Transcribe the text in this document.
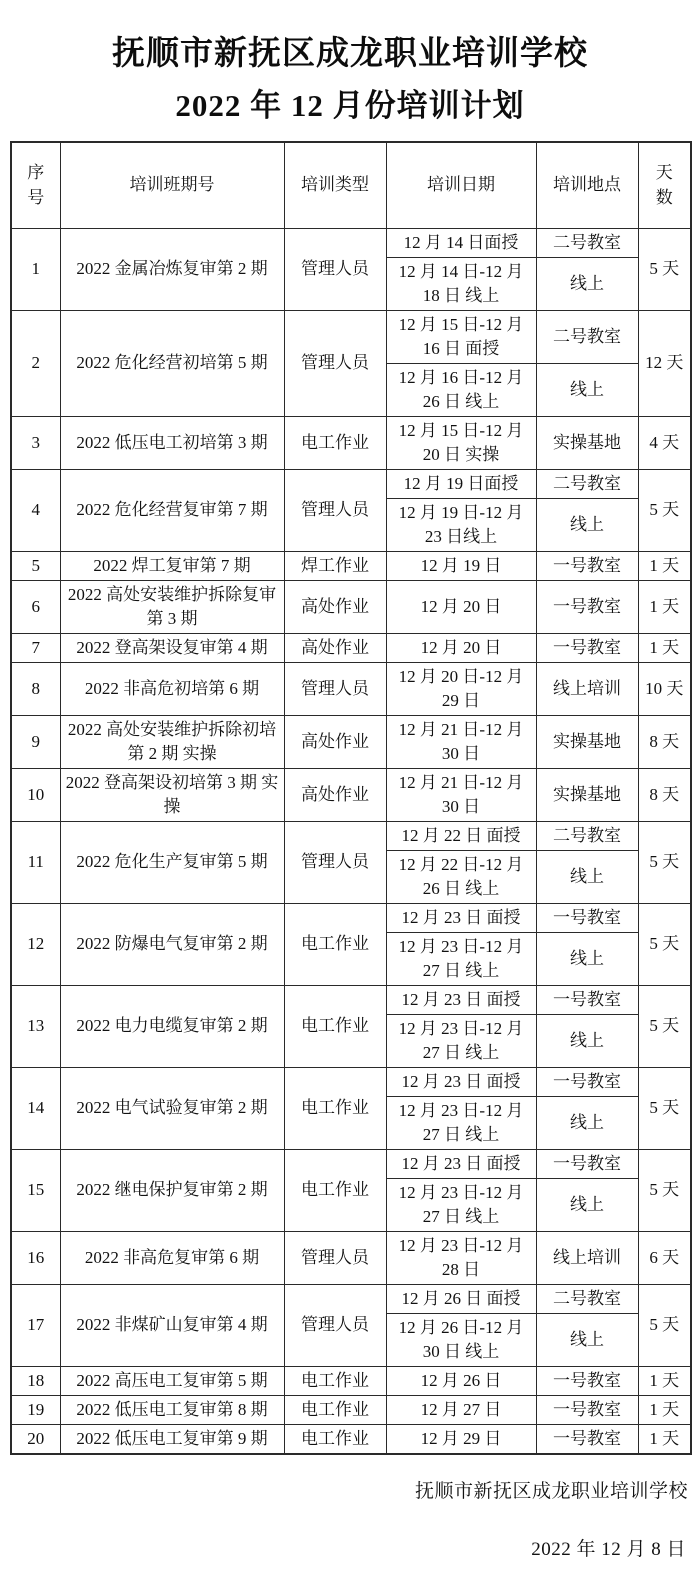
抚顺市新抚区成龙职业培训学校
2022 年 12 月份培训计划
序号	培训班期号	培训类型	培训日期	培训地点	天数
1	2022 金属冶炼复审第 2 期	管理人员	12 月 14 日面授	二号教室	5 天
			12 月 14 日-12 月 18 日 线上	线上	
2	2022 危化经营初培第 5 期	管理人员	12 月 15 日-12 月 16 日 面授	二号教室	12 天
			12 月 16 日-12 月 26 日 线上	线上	
3	2022 低压电工初培第 3 期	电工作业	12 月 15 日-12 月 20 日 实操	实操基地	4 天
4	2022 危化经营复审第 7 期	管理人员	12 月 19 日面授	二号教室	5 天
			12 月 19 日-12 月 23 日线上	线上	
5	2022 焊工复审第 7 期	焊工作业	12 月 19 日	一号教室	1 天
6	2022 高处安装维护拆除复审第 3 期	高处作业	12 月 20 日	一号教室	1 天
7	2022 登高架设复审第 4 期	高处作业	12 月 20 日	一号教室	1 天
8	2022 非高危初培第 6 期	管理人员	12 月 20 日-12 月 29 日	线上培训	10 天
9	2022 高处安装维护拆除初培第 2 期 实操	高处作业	12 月 21 日-12 月 30 日	实操基地	8 天
10	2022 登高架设初培第 3 期 实操	高处作业	12 月 21 日-12 月 30 日	实操基地	8 天
11	2022 危化生产复审第 5 期	管理人员	12 月 22 日 面授	二号教室	5 天
			12 月 22 日-12 月 26 日 线上	线上	
12	2022 防爆电气复审第 2 期	电工作业	12 月 23 日 面授	一号教室	5 天
			12 月 23 日-12 月 27 日 线上	线上	
13	2022 电力电缆复审第 2 期	电工作业	12 月 23 日 面授	一号教室	5 天
			12 月 23 日-12 月 27 日 线上	线上	
14	2022 电气试验复审第 2 期	电工作业	12 月 23 日 面授	一号教室	5 天
			12 月 23 日-12 月 27 日 线上	线上	
15	2022 继电保护复审第 2 期	电工作业	12 月 23 日 面授	一号教室	5 天
			12 月 23 日-12 月 27 日 线上	线上	
16	2022 非高危复审第 6 期	管理人员	12 月 23 日-12 月 28 日	线上培训	6 天
17	2022 非煤矿山复审第 4 期	管理人员	12 月 26 日 面授	二号教室	5 天
			12 月 26 日-12 月 30 日 线上	线上	
18	2022 高压电工复审第 5 期	电工作业	12 月 26 日	一号教室	1 天
19	2022 低压电工复审第 8 期	电工作业	12 月 27 日	一号教室	1 天
20	2022 低压电工复审第 9 期	电工作业	12 月 29 日	一号教室	1 天
抚顺市新抚区成龙职业培训学校
2022 年 12 月 8 日
